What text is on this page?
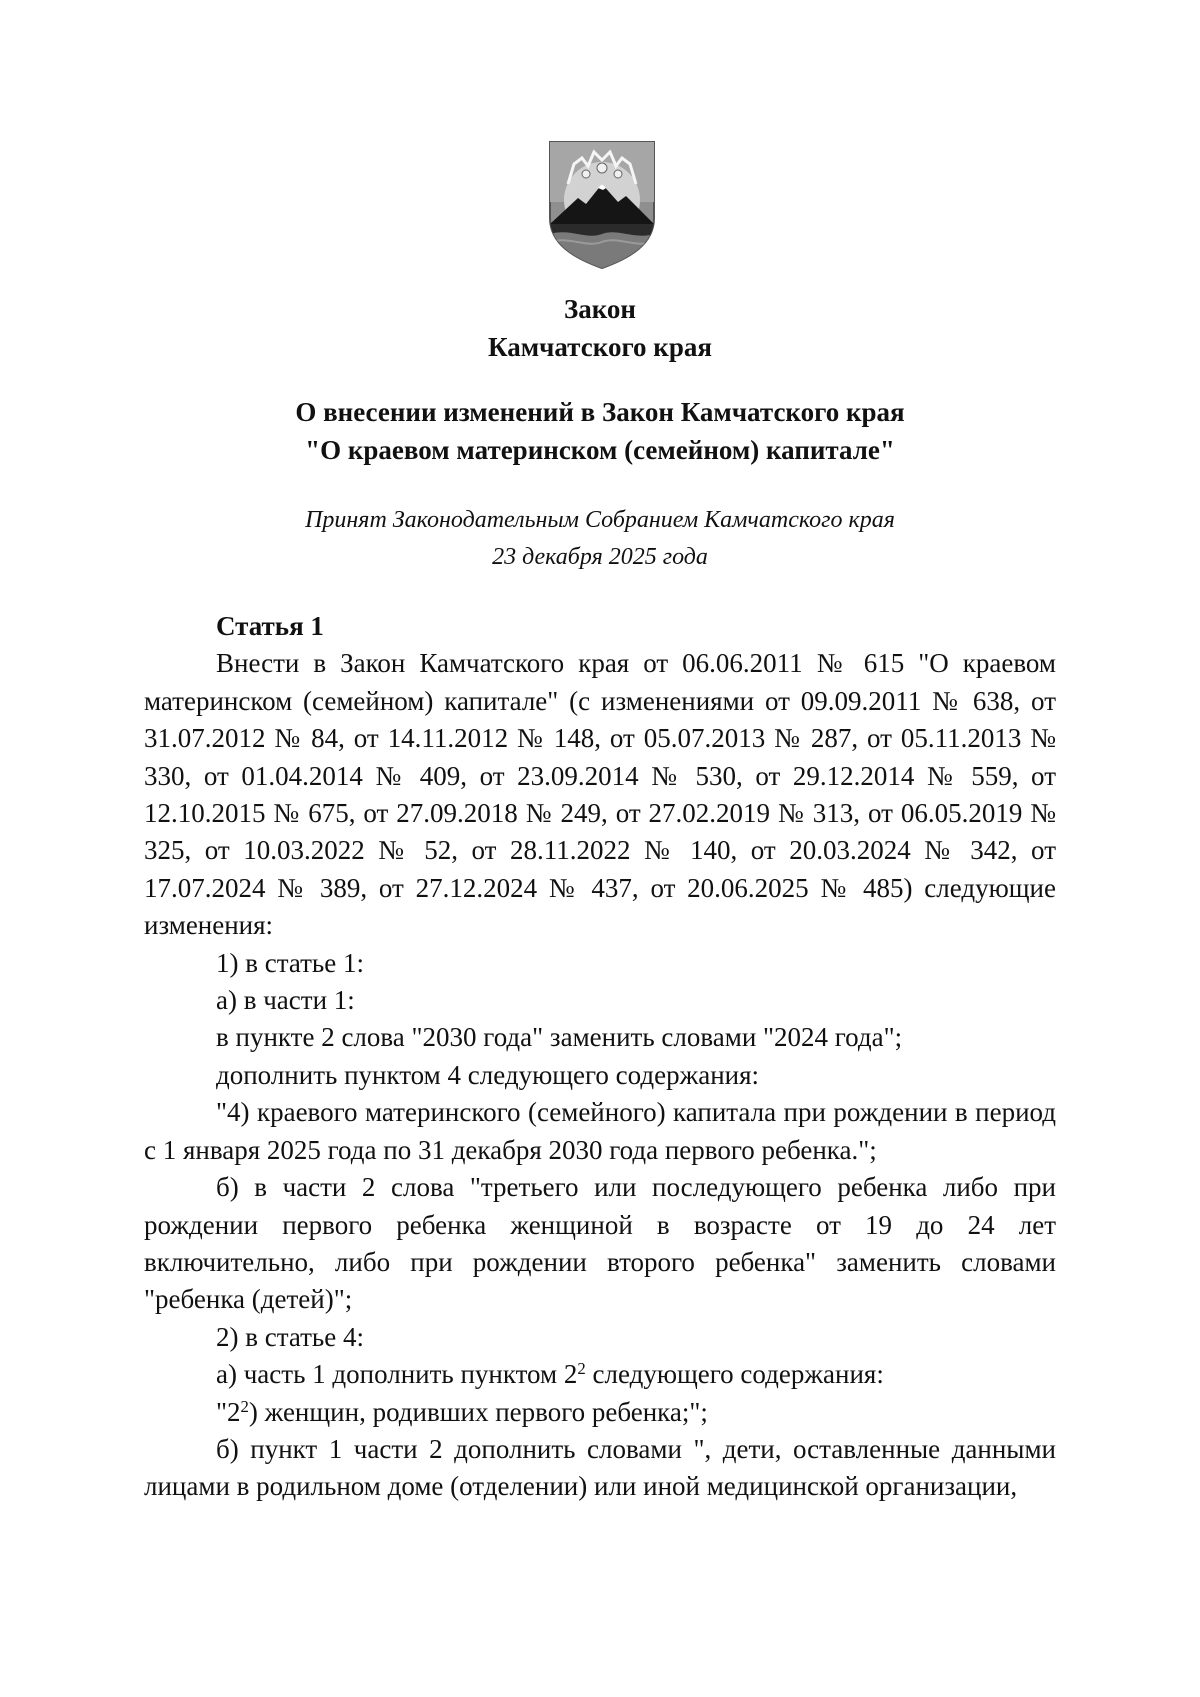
Закон
Камчатского края
О внесении изменений в Закон Камчатского края
"О краевом материнском (семейном) капитале"
Принят Законодательным Собранием Камчатского края
23 декабря 2025 года

Статья 1

Внести в Закон Камчатского края от 06.06.2011 № 615 "О краевом материнском (семейном) капитале" (с изменениями от 09.09.2011 № 638, от 31.07.2012 № 84, от 14.11.2012 № 148, от 05.07.2013 № 287, от 05.11.2013 № 330, от 01.04.2014 № 409, от 23.09.2014 № 530, от 29.12.2014 № 559, от 12.10.2015 № 675, от 27.09.2018 № 249, от 27.02.2019 № 313, от 06.05.2019 № 325, от 10.03.2022 № 52, от 28.11.2022 № 140, от 20.03.2024 № 342, от 17.07.2024 № 389, от 27.12.2024 № 437, от 20.06.2025 № 485) следующие изменения:

1) в статье 1:

а) в части 1:

в пункте 2 слова "2030 года" заменить словами "2024 года";

дополнить пунктом 4 следующего содержания:

"4) краевого материнского (семейного) капитала при рождении в период с 1 января 2025 года по 31 декабря 2030 года первого ребенка.";

б) в части 2 слова "третьего или последующего ребенка либо при рождении первого ребенка женщиной в возрасте от 19 до 24 лет включительно, либо при рождении второго ребенка" заменить словами "ребенка (детей)";

2) в статье 4:

а) часть 1 дополнить пунктом $2^2$ следующего содержания:

"$2^2$) женщин, родивших первого ребенка;";

б) пункт 1 части 2 дополнить словами ", дети, оставленные данными лицами в родильном доме (отделении) или иной медицинской организации,
